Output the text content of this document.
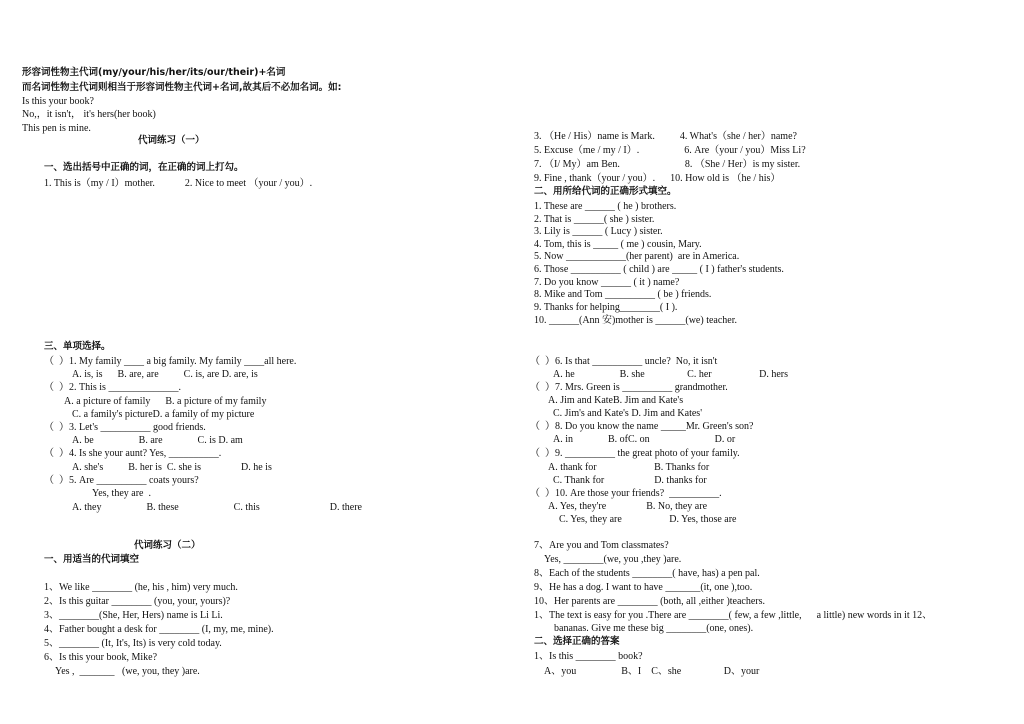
形容词性物主代词(my/your/his/her/its/our/their)+名词
而名词性物主代词则相当于形容词性物主代词+名词,故其后不必加名词。如:
Is this your book?
No,，it isn't， it's hers(her book)
This pen is mine.
代词练习（一）
一、选出括号中正确的词，在正确的词上打勾。
1. This is（my / I）mother.            2. Nice to meet （your / you）.
三、单项选择。
（  ）1. My family ____ a big family. My family ____all here.
A. is, is      B. are, are          C. is, are D. are, is
（  ）2. This is ______________.
A. a picture of family      B. a picture of my family
C. a family's pictureD. a family of my picture
（  ）3. Let's __________ good friends.
A. be                  B. are              C. is D. am
（  ）4. Is she your aunt? Yes, __________.
A. she's          B. her is  C. she is                D. he is
（  ）5. Are __________ coats yours?
Yes, they are  .
A. they                  B. these                      C. this                            D. there
代词练习（二）
一、用适当的代词填空
1、We like ________ (he, his , him) very much.
2、Is this guitar ________ (you, your, yours)?
3、________(She, Her, Hers) name is Li Li.
4、Father bought a desk for ________ (I, my, me, mine).
5、________ (It, It's, Its) is very cold today.
6、Is this your book, Mike?
Yes ,  _______   (we, you, they )are.
3. （He / His）name is Mark.          4. What's（she / her）name?
5. Excuse（me / my / I）.                  6. Are（your / you）Miss Li?
7. （I/ My）am Ben.                          8. （She / Her）is my sister.
9. Fine , thank（your / you）.      10. How old is （he / his）
二、用所给代词的正确形式填空。
1. These are ______ ( he ) brothers.
2. That is ______( she ) sister.
3. Lily is ______ ( Lucy ) sister.
4. Tom, this is _____ ( me ) cousin, Mary.
5. Now ____________(her parent)  are in America.
6. Those __________ ( child ) are _____ ( I ) father's students.
7. Do you know ______ ( it ) name?
8. Mike and Tom __________ ( be ) friends.
9. Thanks for helping________( I ).
10. ______(Ann 安)mother is ______(we) teacher.
（  ）6. Is that __________ uncle?  No, it isn't
A. he                  B. she                 C. her                   D. hers
（  ）7. Mrs. Green is __________ grandmother.
A. Jim and KateB. Jim and Kate's
C. Jim's and Kate's D. Jim and Kates'
（  ）8. Do you know the name _____Mr. Green's son?
A. in              B. ofC. on                          D. or
（  ）9. __________ the great photo of your family.
A. thank for                       B. Thanks for
C. Thank for                    D. thanks for
（  ）10. Are those your friends?  __________.
A. Yes, they're                B. No, they are
C. Yes, they are                   D. Yes, those are
7、Are you and Tom classmates?
Yes, ________(we, you ,they )are.
8、Each of the students ________( have, has) a pen pal.
9、He has a dog. I want to have _______(it, one ),too.
10、Her parents are ________ (both, all ,either )teachers.
1、The text is easy for you .There are ________( few, a few ,little,      a little) new words in it 12、
bananas. Give me these big ________(one, ones).
二、选择正确的答案
1、Is this ________ book?
A、you                  B、I    C、she                 D、your
